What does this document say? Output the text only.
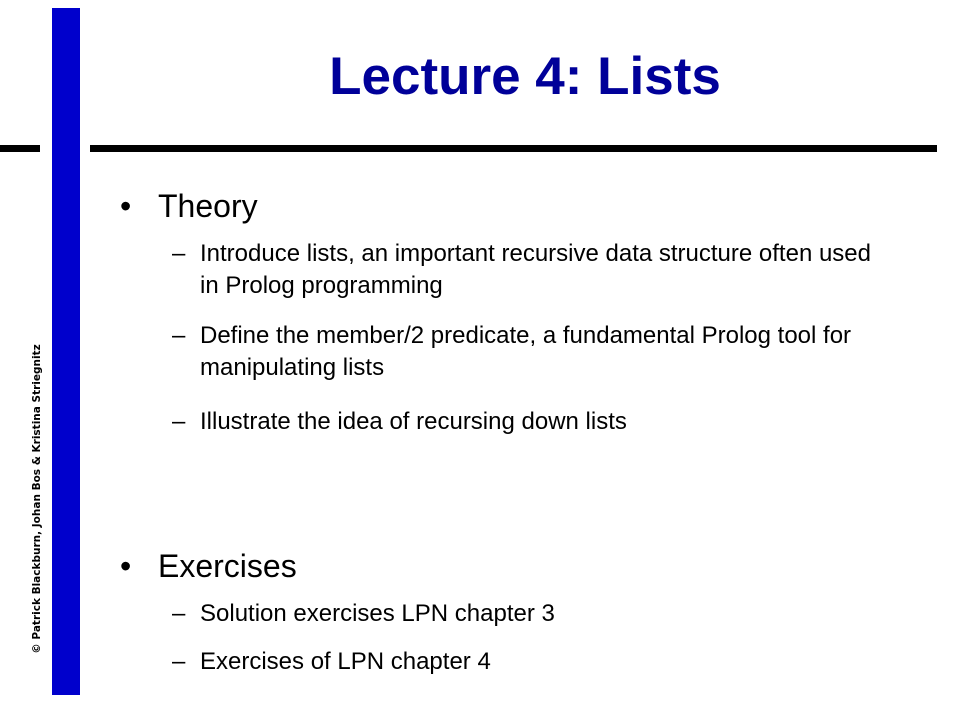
© Patrick Blackburn, Johan Bos & Kristina Striegnitz
Lecture 4: Lists
• Theory
– Introduce lists, an important recursive data structure often used in Prolog programming
– Define the member/2 predicate, a fundamental Prolog tool for manipulating lists
– Illustrate the idea of recursing down lists
• Exercises
– Solution exercises LPN chapter 3
– Exercises of LPN chapter 4
